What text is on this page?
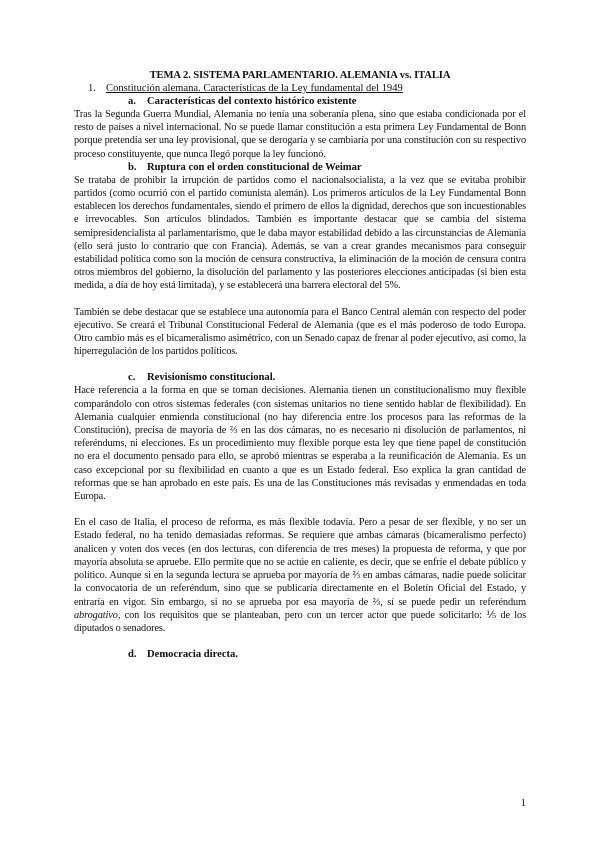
TEMA 2. SISTEMA PARLAMENTARIO. ALEMANIA vs. ITALIA

1. Constitución alemana. Características de la Ley fundamental del 1949

a. Características del contexto histórico existente

Tras la Segunda Guerra Mundial, Alemania no tenía una soberanía plena, sino que estaba condicionada por el resto de países a nivel internacional. No se puede llamar constitución a esta primera Ley Fundamental de Bonn porque pretendía ser una ley provisional, que se derogaría y se cambiaría por una constitución con su respectivo proceso constituyente, que nunca llegó porque la ley funcionó.

b. Ruptura con el orden constitucional de Weimar

Se trataba de prohibir la irrupción de partidos como el nacionalsocialista, a la vez que se evitaba prohibir partidos (como ocurrió con el partido comunista alemán). Los primeros artículos de la Ley Fundamental Bonn establecen los derechos fundamentales, siendo el primero de ellos la dignidad, derechos que son incuestionables e irrevocables. Son artículos blindados. También es importante destacar que se cambia del sistema semipresidencialista al parlamentarismo, que le daba mayor estabilidad debido a las circunstancias de Alemania (ello será justo lo contrario que con Francia). Además, se van a crear grandes mecanismos para conseguir estabilidad política como son la moción de censura constructiva, la eliminación de la moción de censura contra otros miembros del gobierno, la disolución del parlamento y las posteriores elecciones anticipadas (si bien esta medida, a día de hoy está limitada), y se establecerá una barrera electoral del 5%.

También se debe destacar que se establece una autonomía para el Banco Central alemán con respecto del poder ejecutivo. Se creará el Tribunal Constitucional Federal de Alemania (que es el más poderoso de todo Europa. Otro cambio más es el bicameralismo asimétrico, con un Senado capaz de frenar al poder ejecutivo, así como, la hiperregulación de los partidos políticos.

c. Revisionismo constitucional.

Hace referencia a la forma en que se toman decisiones. Alemania tienen un constitucionalismo muy flexible comparándolo con otros sistemas federales (con sistemas unitarios no tiene sentido hablar de flexibilidad). En Alemania cualquier enmienda constitucional (no hay diferencia entre los procesos para las reformas de la Constitución), precisa de mayoría de ⅔ en las dos cámaras, no es necesario ni disolución de parlamentos, ni referéndums, ni elecciones. Es un procedimiento muy flexible porque esta ley que tiene papel de constitución no era el documento pensado para ello, se aprobó mientras se esperaba a la reunificación de Alemania. Es un caso excepcional por su flexibilidad en cuanto a que es un Estado federal. Eso explica la gran cantidad de reformas que se han aprobado en este país. Es una de las Constituciones más revisadas y enmendadas en toda Europa.

En el caso de Italia, el proceso de reforma, es más flexible todavía. Pero a pesar de ser flexible, y no ser un Estado federal, no ha tenido demasiadas reformas. Se requiere que ambas cámaras (bicameralismo perfecto) analicen y voten dos veces (en dos lecturas, con diferencia de tres meses) la propuesta de reforma, y que por mayoría absoluta se apruebe. Ello permite que no se actúe en caliente, es decir, que se enfríe el debate público y político. Aunque si en la segunda lectura se aprueba por mayoría de ⅔ en ambas cámaras, nadie puede solicitar la convocatoria de un referéndum, sino que se publicaría directamente en el Boletín Oficial del Estado, y entraría en vigor. Sin embargo, si no se aprueba por esa mayoría de ⅔, sí se puede pedir un referéndum abrogativo, con los requisitos que se planteaban, pero con un tercer actor que puede solicitarlo: ⅕ de los diputados o senadores.

d. Democracia directa.

1
